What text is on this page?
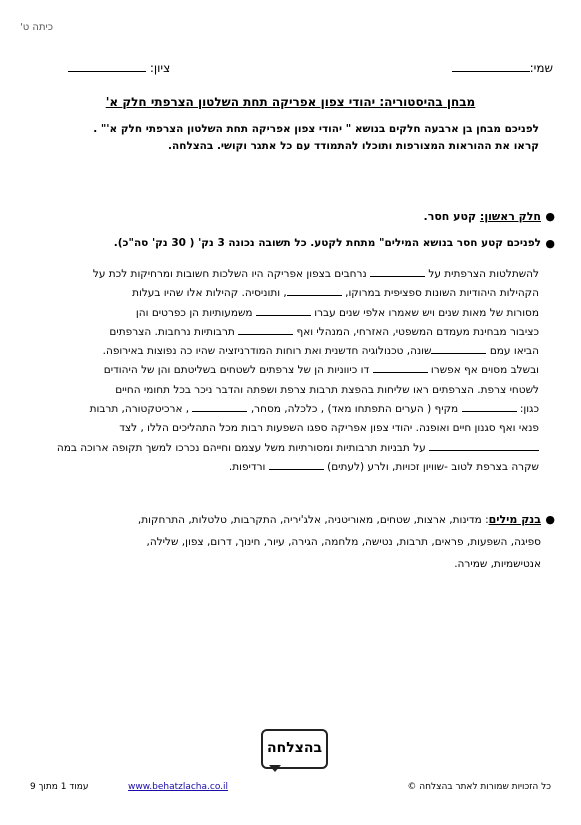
כיתה ט'
שמי:
ציון:
מבחן בהיסטוריה: יהודי צפון אפריקה תחת השלטון הצרפתי חלק א'
לפניכם מבחן בן ארבעה חלקים בנושא " יהודי צפון אפריקה תחת השלטון הצרפתי חלק א'" .
קראו את ההוראות המצורפות ותוכלו להתמודד עם כל אתגר וקושי. בהצלחה.
●
חלק ראשון: קטע חסר.
●
לפניכם קטע חסר בנושא המילים" מתחת לקטע. כל תשובה נכונה 3 נק' ( 30 נק' סה"כ).
להשתלטות הצרפתית על  נרחבים בצפון אפריקה היו השלכות חשובות ומרחיקות לכת על
הקהילות היהודיות השונות ספציפית במרוקו, , ותוניסיה. קהילות אלו שהיו בעלות
מסורות של מאות שנים ויש שאמרו אלפי שנים עברו  משמעותיות הן כפרטים והן
כציבור מבחינת מעמדם המשפטי, האזרחי, המנהלי ואף  תרבותיות נרחבות. הצרפתים
הביאו עמם שונה, טכנולוגיה חדשנית ואת רוחות המודרניזציה שהיו כה נפוצות באירופה.
ובשלב מסוים אף אפשרו  דו כיווניות הן של צרפתים לשטחים בשליטתם והן של היהודים
לשטחי צרפת. הצרפתים ראו שליחות בהפצת תרבות צרפת ושפתה והדבר ניכר בכל תחומי החיים
כגון:  מקיף ( הערים התפתחו מאד) , כלכלה, מסחר,  , ארכיטקטורה, תרבות
פנאי ואף סגנון חיים ואופנה. יהודי צפון אפריקה ספגו השפעות רבות מכל התהליכים הללו , לצד
על תבניות תרבותיות ומסורתיות משל עצמם וחייהם נכרכו למשך תקופה ארוכה במה
שקרה בצרפת לטוב -שוויון זכויות, ולרע (לעתים)  ורדיפות.
●
בנק מילים: מדינות, ארצות, שטחים, מאוריטניה, אלג'יריה, התקרבות, טלטלות, התרחקות,
ספיגה, השפעות, פראים, תרבות, נטישה, מלחמה, הגירה, עיור, חינוך, דרום, צפון, שלילה,
אנטישמיות, שמירה.
בהצלחה
כל הזכויות שמורות לאתר בהצלחה ©
www.behatzlacha.co.il
עמוד 1 מתוך 9
